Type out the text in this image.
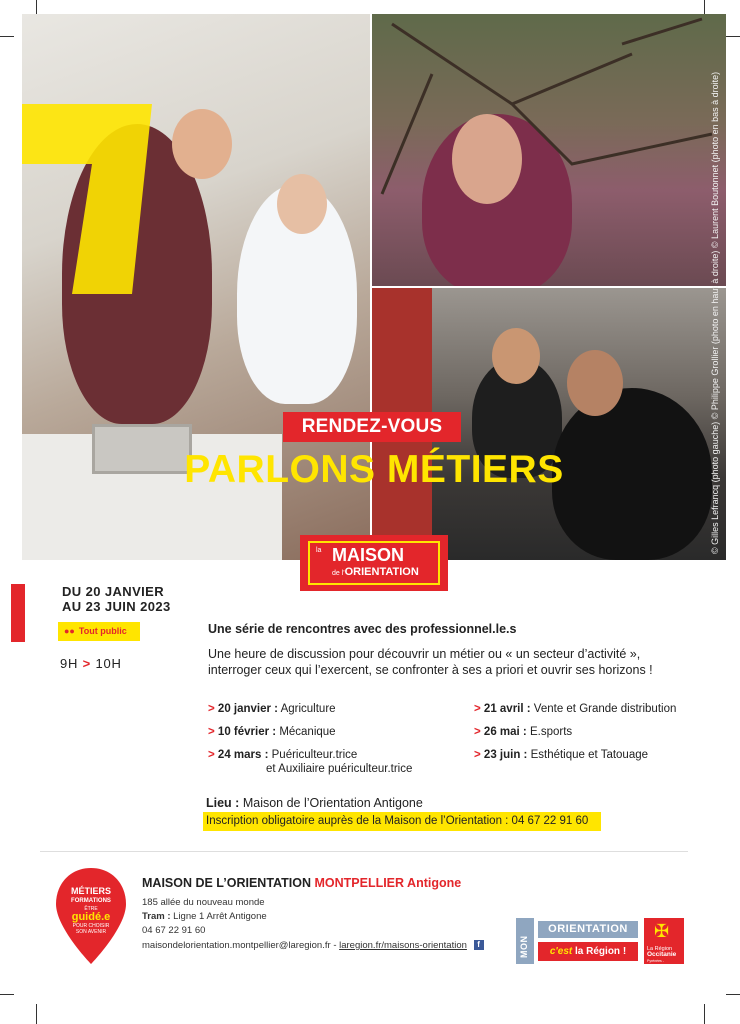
© Gilles Lefrancq (photo gauche) © Philippe Grollier (photo en haut à droite) © Laurent Boutonnet (photo en bas à droite)
RENDEZ-VOUS
PARLONS MÉTIERS
la MAISON
de l'ORIENTATION
DU 20 JANVIER
AU 23 JUIN 2023
●● Tout public
9H > 10H
Une série de rencontres avec des professionnel.le.s
Une heure de discussion pour découvrir un métier ou « un secteur d’activité », interroger ceux qui l’exercent, se confronter à ses a priori et ouvrir ses horizons !
> 20 janvier : Agriculture
> 10 février : Mécanique
> 24 mars : Puériculteur.trice
et Auxiliaire puériculteur.trice
> 21 avril : Vente et Grande distribution
> 26 mai : E.sports
> 23 juin : Esthétique et Tatouage
Lieu : Maison de l’Orientation Antigone
Inscription obligatoire auprès de la Maison de l’Orientation : 04 67 22 91 60
MÉTIERS
FORMATIONS
ÊTRE
guidé.e
POUR CHOISIR
SON AVENIR
MAISON DE L’ORIENTATION MONTPELLIER Antigone
185 allée du nouveau monde
Tram : Ligne 1 Arrêt Antigone
04 67 22 91 60
maisondelorientation.montpellier@laregion.fr - laregion.fr/maisons-orientation f	MON
ORIENTATION
c'est la Région !
✠
La Région
Occitanie
Pyrénées - Méditerranée
